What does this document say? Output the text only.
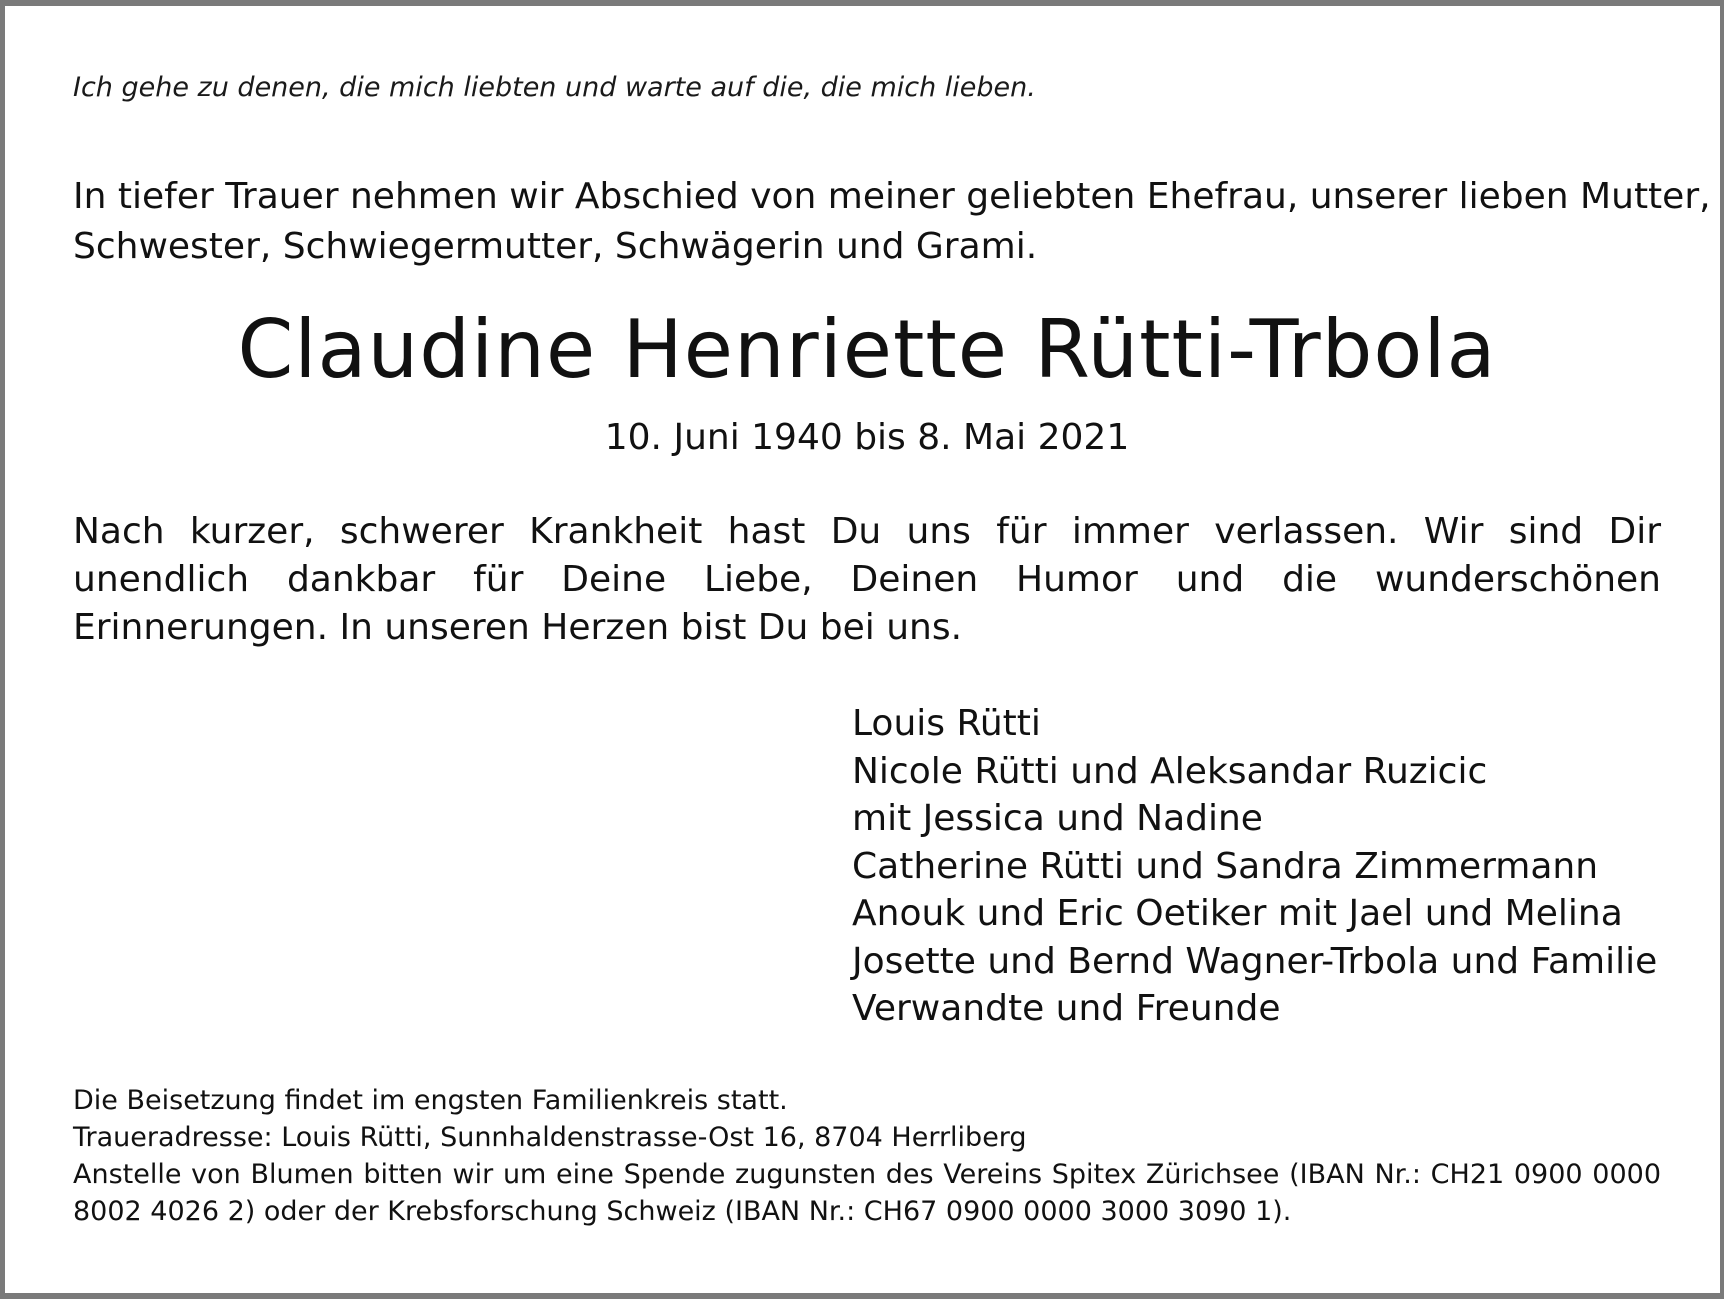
Ich gehe zu denen, die mich liebten und warte auf die, die mich lieben.
In tiefer Trauer nehmen wir Abschied von meiner geliebten Ehefrau, unserer lieben Mutter,
Schwester, Schwiegermutter, Schwägerin und Grami.
Claudine Henriette Rütti-Trbola
10. Juni 1940 bis 8. Mai 2021
Nach kurzer, schwerer Krankheit hast Du uns für immer verlassen. Wir sind Dir unendlich dankbar für Deine Liebe, Deinen Humor und die wunderschönen Erinnerungen. In unseren Herzen bist Du bei uns.
Louis Rütti
Nicole Rütti und Aleksandar Ruzicic
mit Jessica und Nadine
Catherine Rütti und Sandra Zimmermann
Anouk und Eric Oetiker mit Jael und Melina
Josette und Bernd Wagner-Trbola und Familie
Verwandte und Freunde
Die Beisetzung findet im engsten Familienkreis statt.
Traueradresse: Louis Rütti, Sunnhaldenstrasse-Ost 16, 8704 Herrliberg
Anstelle von Blumen bitten wir um eine Spende zugunsten des Vereins Spitex Zürichsee (IBAN Nr.: CH21 0900 0000 8002 4026 2) oder der Krebsforschung Schweiz (IBAN Nr.: CH67 0900 0000 3000 3090 1).
